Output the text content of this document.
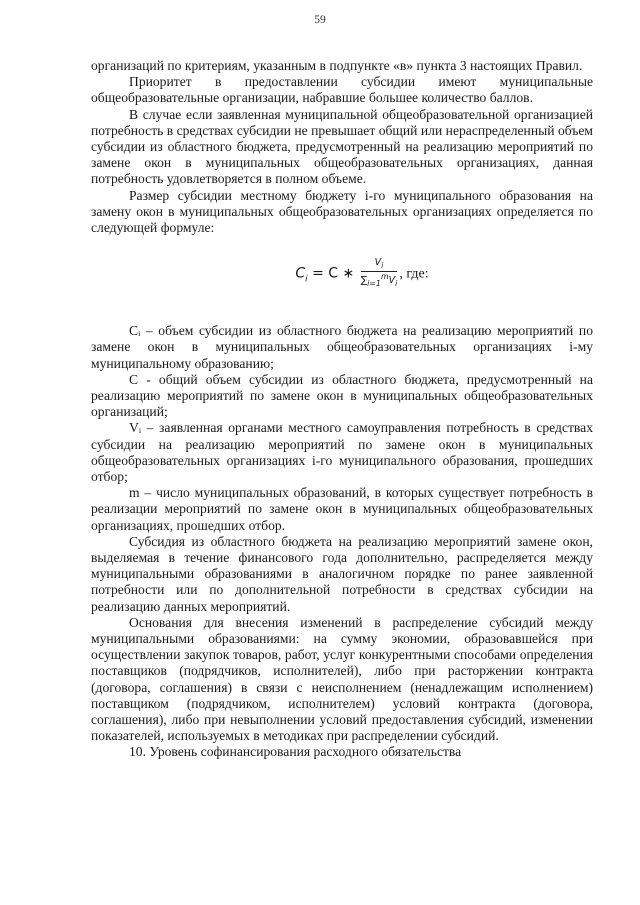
59

организаций по критериям, указанным в подпункте «в» пункта 3 настоящих Правил.

Приоритет в предоставлении субсидии имеют муниципальные общеобразовательные организации, набравшие большее количество баллов.

В случае если заявленная муниципальной общеобразовательной организацией потребность в средствах субсидии не превышает общий или нераспределенный объем субсидии из областного бюджета, предусмотренный на реализацию мероприятий по замене окон в муниципальных общеобразовательных организациях, данная потребность удовлетворяется в полном объеме.

Размер субсидии местному бюджету i-го муниципального образования на замену окон в муниципальных общеобразовательных организациях определяется по следующей формуле:

$C_i = C$ ∗ $\frac{V_i}{\sum_{i=1}^mV_i}$ , где:

Сᵢ – объем субсидии из областного бюджета на реализацию мероприятий по замене окон в муниципальных общеобразовательных организациях i-му муниципальному образованию;

С - общий объем субсидии из областного бюджета, предусмотренный на реализацию мероприятий по замене окон в муниципальных общеобразовательных организаций;

Vᵢ – заявленная органами местного самоуправления потребность в средствах субсидии на реализацию мероприятий по замене окон в муниципальных общеобразовательных организациях i-го муниципального образования, прошедших отбор;

m – число муниципальных образований, в которых существует потребность в реализации мероприятий по замене окон в муниципальных общеобразовательных организациях, прошедших отбор.

Субсидия из областного бюджета на реализацию мероприятий замене окон, выделяемая в течение финансового года дополнительно, распределяется между муниципальными образованиями в аналогичном порядке по ранее заявленной потребности или по дополнительной потребности в средствах субсидии на реализацию данных мероприятий.

Основания для внесения изменений в распределение субсидий между муниципальными образованиями: на сумму экономии, образовавшейся при осуществлении закупок товаров, работ, услуг конкурентными способами определения поставщиков (подрядчиков, исполнителей), либо при расторжении контракта (договора, соглашения) в связи с неисполнением (ненадлежащим исполнением) поставщиком (подрядчиком, исполнителем) условий контракта (договора, соглашения), либо при невыполнении условий предоставления субсидий, изменении показателей, используемых в методиках при распределении субсидий.

10. Уровень софинансирования расходного обязательства
